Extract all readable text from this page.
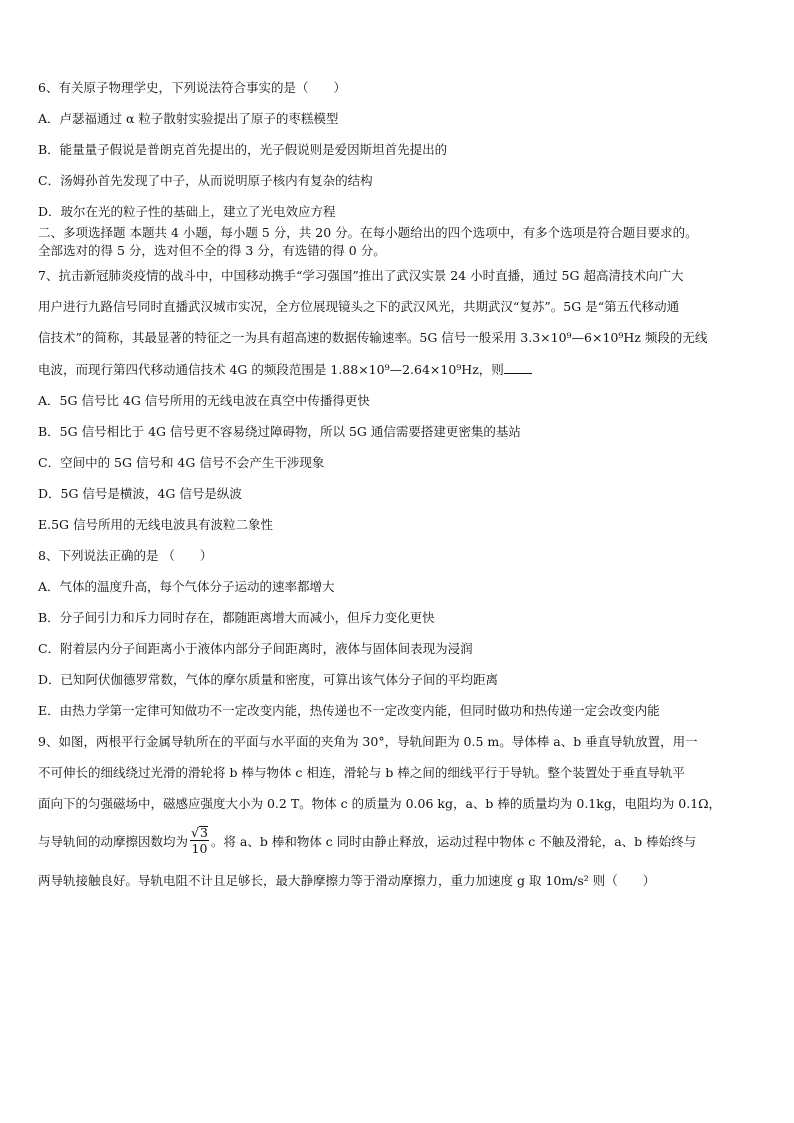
6、有关原子物理学史，下列说法符合事实的是（　　）
A．卢瑟福通过 α 粒子散射实验提出了原子的枣糕模型
B．能量量子假说是普朗克首先提出的，光子假说则是爱因斯坦首先提出的
C．汤姆孙首先发现了中子，从而说明原子核内有复杂的结构
D．玻尔在光的粒子性的基础上，建立了光电效应方程
二、多项选择题 本题共 4 小题，每小题 5 分，共 20 分。在每小题给出的四个选项中，有多个选项是符合题目要求的。
全部选对的得 5 分，选对但不全的得 3 分，有选错的得 0 分。
7、抗击新冠肺炎疫情的战斗中，中国移动携手“学习强国”推出了武汉实景 24 小时直播，通过 5G 超高清技术向广大
用户进行九路信号同时直播武汉城市实况，全方位展现镜头之下的武汉风光，共期武汉“复苏”。5G 是“第五代移动通
信技术”的简称，其最显著的特征之一为具有超高速的数据传输速率。5G 信号一般采用 3.3×10⁹—6×10⁹Hz 频段的无线
电波，而现行第四代移动通信技术 4G 的频段范围是 1.88×10⁹—2.64×10⁹Hz，则
A．5G 信号比 4G 信号所用的无线电波在真空中传播得更快
B．5G 信号相比于 4G 信号更不容易绕过障碍物，所以 5G 通信需要搭建更密集的基站
C．空间中的 5G 信号和 4G 信号不会产生干涉现象
D．5G 信号是横波，4G 信号是纵波
E.5G 信号所用的无线电波具有波粒二象性
8、下列说法正确的是 （　　）
A．气体的温度升高，每个气体分子运动的速率都增大
B．分子间引力和斥力同时存在，都随距离增大而减小，但斥力变化更快
C．附着层内分子间距离小于液体内部分子间距离时，液体与固体间表现为浸润
D．已知阿伏伽德罗常数，气体的摩尔质量和密度，可算出该气体分子间的平均距离
E．由热力学第一定律可知做功不一定改变内能，热传递也不一定改变内能，但同时做功和热传递一定会改变内能
9、如图，两根平行金属导轨所在的平面与水平面的夹角为 30°，导轨间距为 0.5 m。导体棒 a、b 垂直导轨放置，用一
不可伸长的细线绕过光滑的滑轮将 b 棒与物体 c 相连，滑轮与 b 棒之间的细线平行于导轨。整个装置处于垂直导轨平
面向下的匀强磁场中，磁感应强度大小为 0.2 T。物体 c 的质量为 0.06 kg，a、b 棒的质量均为 0.1kg，电阻均为 0.1Ω，
与导轨间的动摩擦因数均为 $\frac{√3}{10}$ 。将 a、b 棒和物体 c 同时由静止释放，运动过程中物体 c 不触及滑轮，a、b 棒始终与
两导轨接触良好。导轨电阻不计且足够长，最大静摩擦力等于滑动摩擦力，重力加速度 g 取 10m/s² 则（　　）
